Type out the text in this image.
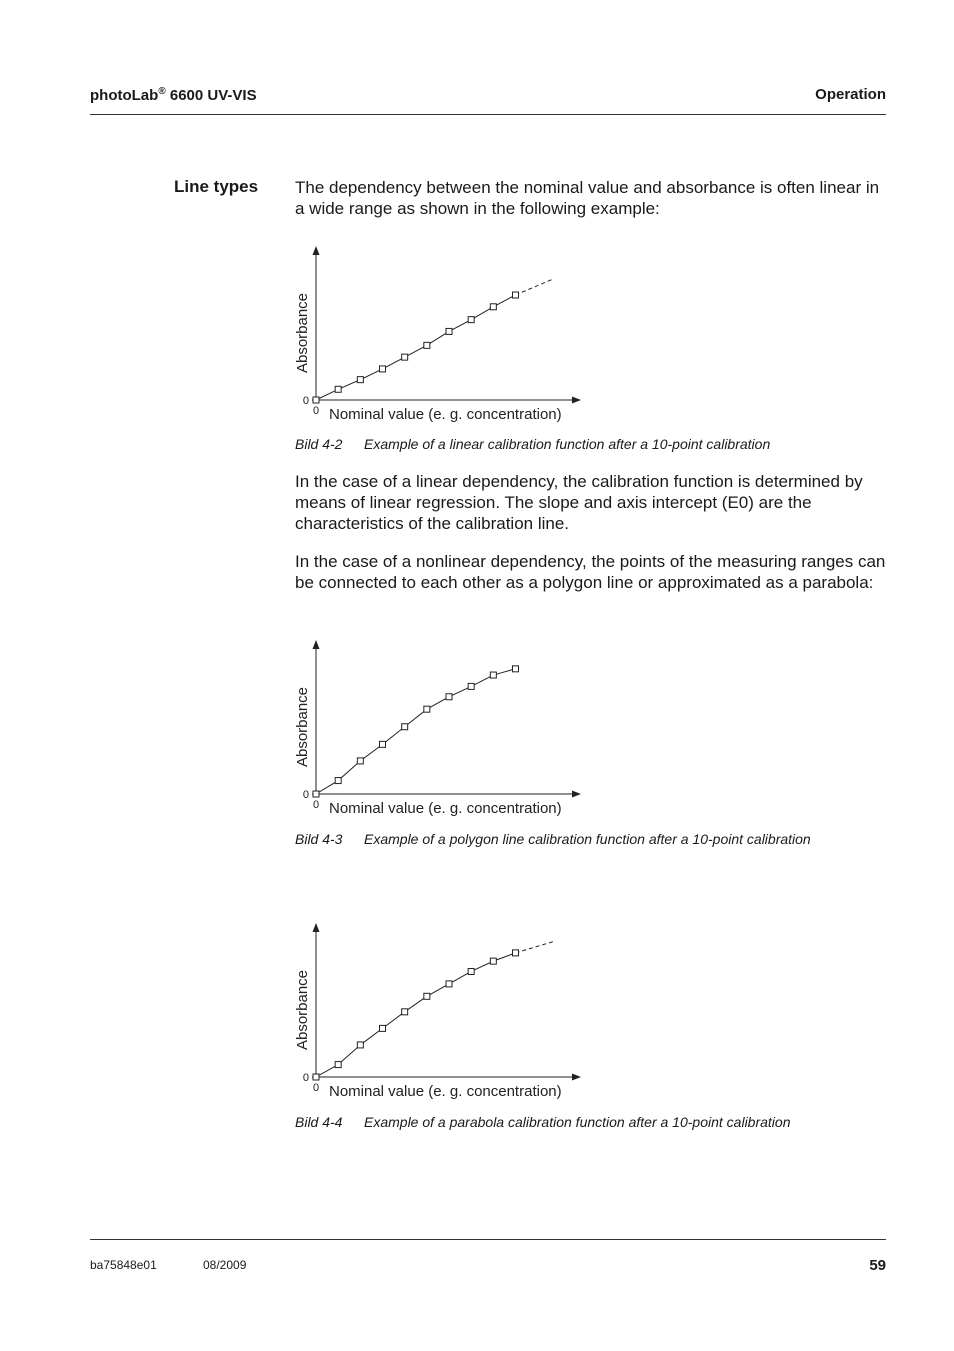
photoLab® 6600 UV-VIS	Operation
Line types The dependency between the nominal value and absorbance is often linear in a wide range as shown in the following example:

0
0 Nominal value (e. g. concentration)
Absorbance
Bild 4-2 Example of a linear calibration function after a 10-point calibration

In the case of a linear dependency, the calibration function is determined by means of linear regression. The slope and axis intercept (E0) are the characteristics of the calibration line.

In the case of a nonlinear dependency, the points of the measuring ranges can be connected to each other as a polygon line or approximated as a parabola:

0
0 Nominal value (e. g. concentration)
Absorbance
Bild 4-3 Example of a polygon line calibration function after a 10-point calibration
0
0 Nominal value (e. g. concentration)
Absorbance
Bild 4-4 Example of a parabola calibration function after a 10-point calibration
ba75848e01	08/2009	59
